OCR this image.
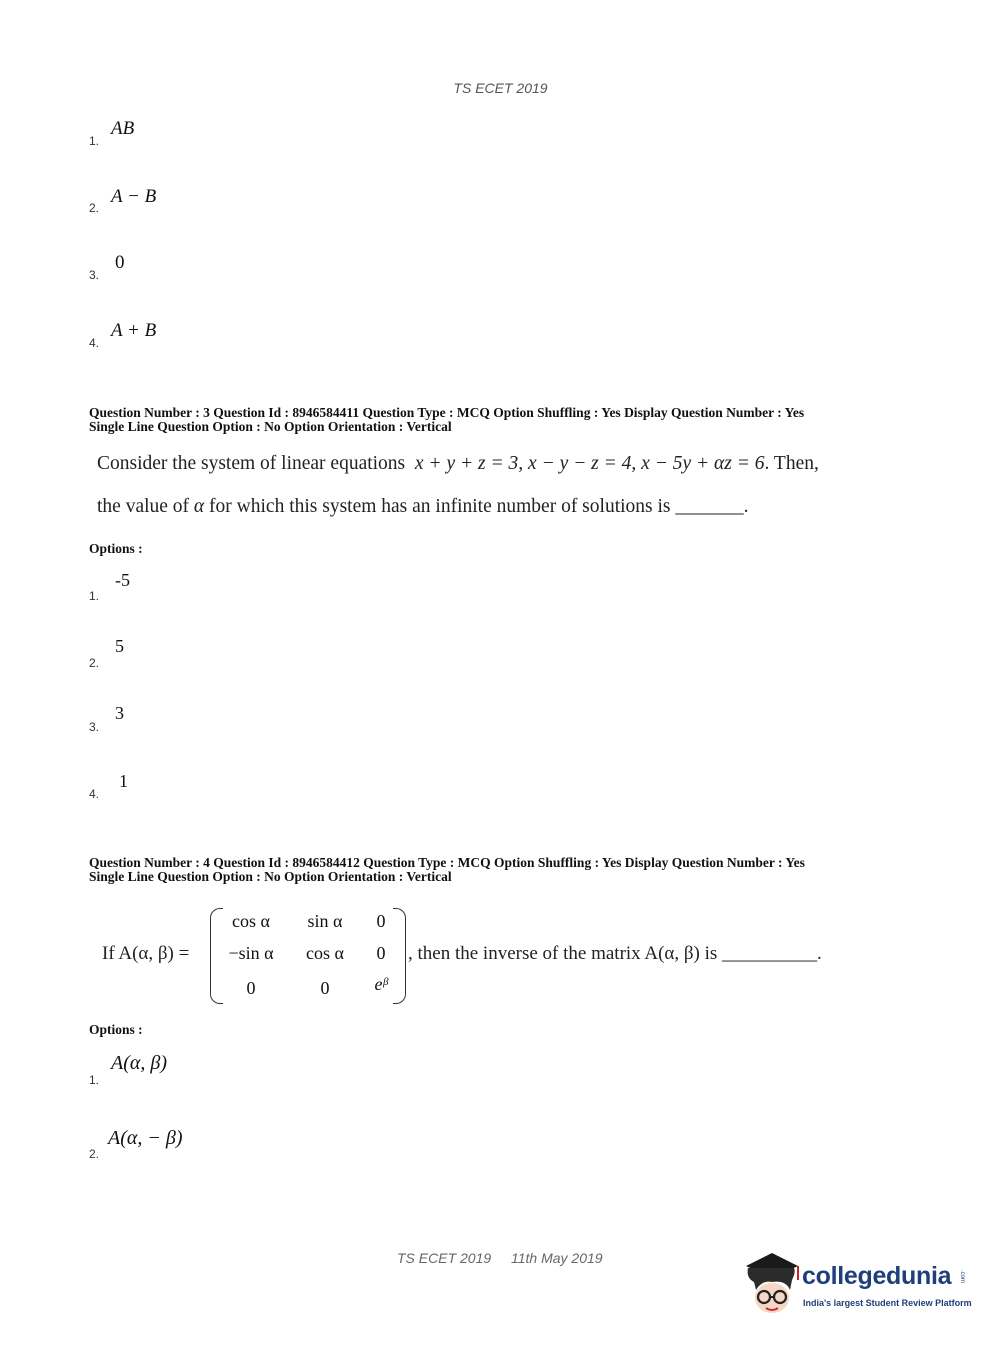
TS ECET 2019
1.
AB
2.
A − B
3.
0
4.
A + B
Question Number : 3 Question Id : 8946584411 Question Type : MCQ Option Shuffling : Yes Display Question Number : Yes
Single Line Question Option : No Option Orientation : Vertical
Consider the system of linear equations x + y + z = 3, x − y − z = 4, x − 5y + αz = 6. Then,
the value of α for which this system has an infinite number of solutions is _______.
Options :
1.
-5
2.
5
3.
3
4.
1
Question Number : 4 Question Id : 8946584412 Question Type : MCQ Option Shuffling : Yes Display Question Number : Yes
Single Line Question Option : No Option Orientation : Vertical
If A(α, β) =
cos α	sin α	0
−sin α	cos α	0
0	0	eᵝ
, then the inverse of the matrix A(α, β) is __________.
Options :
1.
A(α, β)
2.
A(α, − β)
TS ECET 2019 11th May 2019
collegedunia .com
India's largest Student Review Platform
